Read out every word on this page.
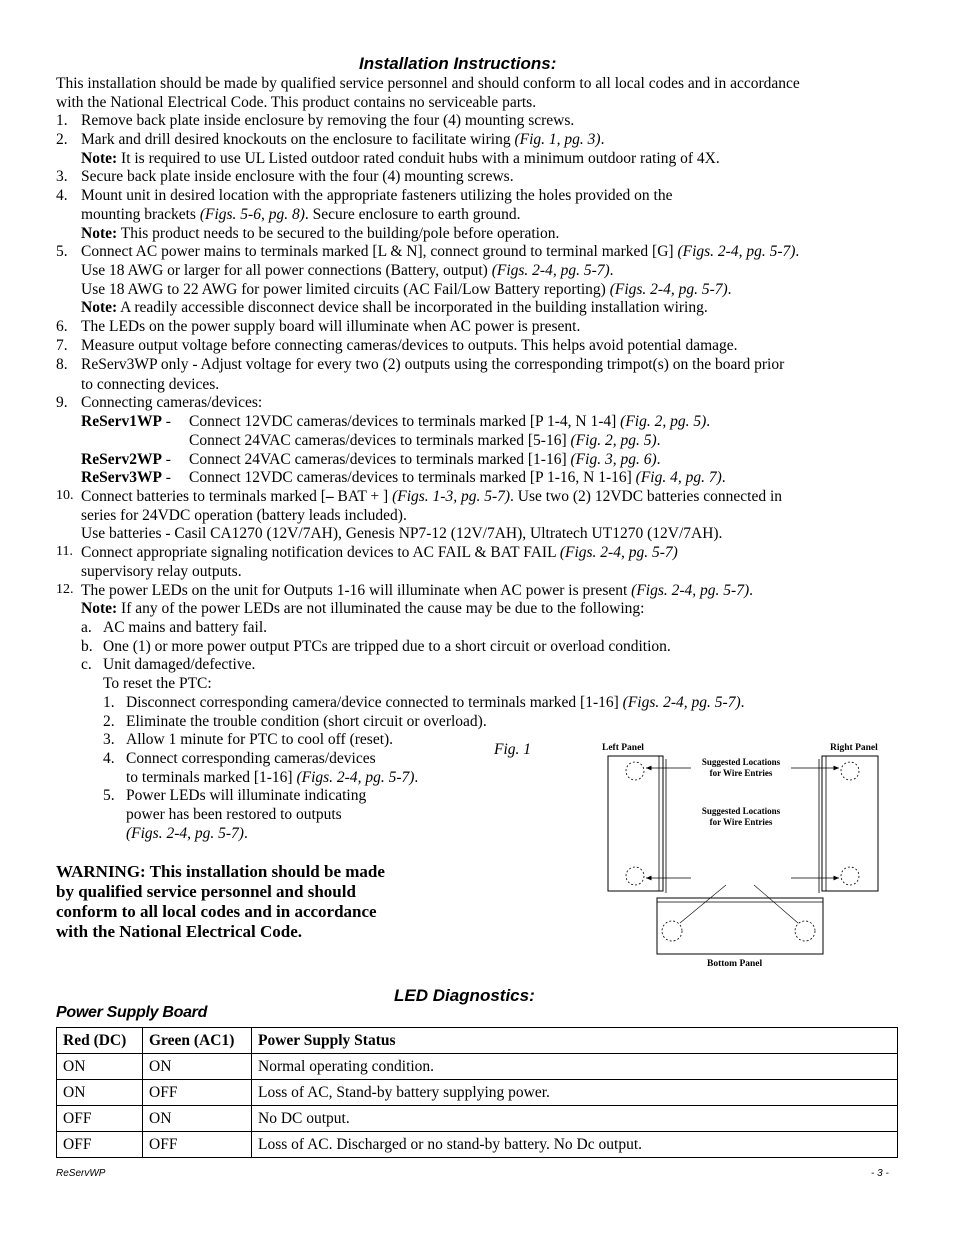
Installation Instructions:
This installation should be made by qualified service personnel and should conform to all local codes and in accordance
with the National Electrical Code. This product contains no serviceable parts.
1. Remove back plate inside enclosure by removing the four (4) mounting screws.
2. Mark and drill desired knockouts on the enclosure to facilitate wiring (Fig. 1, pg. 3).
Note: It is required to use UL Listed outdoor rated conduit hubs with a minimum outdoor rating of 4X.
3. Secure back plate inside enclosure with the four (4) mounting screws.
4. Mount unit in desired location with the appropriate fasteners utilizing the holes provided on the
mounting brackets (Figs. 5-6, pg. 8). Secure enclosure to earth ground.
Note: This product needs to be secured to the building/pole before operation.
5. Connect AC power mains to terminals marked [L & N], connect ground to terminal marked [G] (Figs. 2-4, pg. 5-7).
Use 18 AWG or larger for all power connections (Battery, output) (Figs. 2-4, pg. 5-7).
Use 18 AWG to 22 AWG for power limited circuits (AC Fail/Low Battery reporting) (Figs. 2-4, pg. 5-7).
Note: A readily accessible disconnect device shall be incorporated in the building installation wiring.
6. The LEDs on the power supply board will illuminate when AC power is present.
7. Measure output voltage before connecting cameras/devices to outputs. This helps avoid potential damage.
8. ReServ3WP only - Adjust voltage for every two (2) outputs using the corresponding trimpot(s) on the board prior
to connecting devices.
9. Connecting cameras/devices:
ReServ1WP - Connect 12VDC cameras/devices to terminals marked [P 1-4, N 1-4] (Fig. 2, pg. 5).
Connect 24VAC cameras/devices to terminals marked [5-16] (Fig. 2, pg. 5).
ReServ2WP - Connect 24VAC cameras/devices to terminals marked [1-16] (Fig. 3, pg. 6).
ReServ3WP - Connect 12VDC cameras/devices to terminals marked [P 1-16, N 1-16] (Fig. 4, pg. 7).
10. Connect batteries to terminals marked [– BAT + ] (Figs. 1-3, pg. 5-7). Use two (2) 12VDC batteries connected in
series for 24VDC operation (battery leads included).
Use batteries - Casil CA1270 (12V/7AH), Genesis NP7-12 (12V/7AH), Ultratech UT1270 (12V/7AH).
11. Connect appropriate signaling notification devices to AC FAIL & BAT FAIL (Figs. 2-4, pg. 5-7)
supervisory relay outputs.
12. The power LEDs on the unit for Outputs 1-16 will illuminate when AC power is present (Figs. 2-4, pg. 5-7).
Note: If any of the power LEDs are not illuminated the cause may be due to the following:
a. AC mains and battery fail.
b. One (1) or more power output PTCs are tripped due to a short circuit or overload condition.
c. Unit damaged/defective.
To reset the PTC:
1. Disconnect corresponding camera/device connected to terminals marked [1-16] (Figs. 2-4, pg. 5-7).
2. Eliminate the trouble condition (short circuit or overload).
3. Allow 1 minute for PTC to cool off (reset).
4. Connect corresponding cameras/devices
to terminals marked [1-16] (Figs. 2-4, pg. 5-7).
5. Power LEDs will illuminate indicating
power has been restored to outputs
(Figs. 2-4, pg. 5-7).
WARNING: This installation should be made
by qualified service personnel and should
conform to all local codes and in accordance
with the National Electrical Code.
Fig. 1	Left Panel	Right Panel
Bottom Panel
Suggested Locations
for Wire Entries
Suggested Locations
for Wire Entries
LED Diagnostics:
Power Supply Board
Red (DC)	Green (AC1)	Power Supply Status
ON	ON	Normal operating condition.
ON	OFF	Loss of AC, Stand-by battery supplying power.
OFF	ON	No DC output.
OFF	OFF	Loss of AC. Discharged or no stand-by battery. No Dc output.
ReServWP	- 3 -
